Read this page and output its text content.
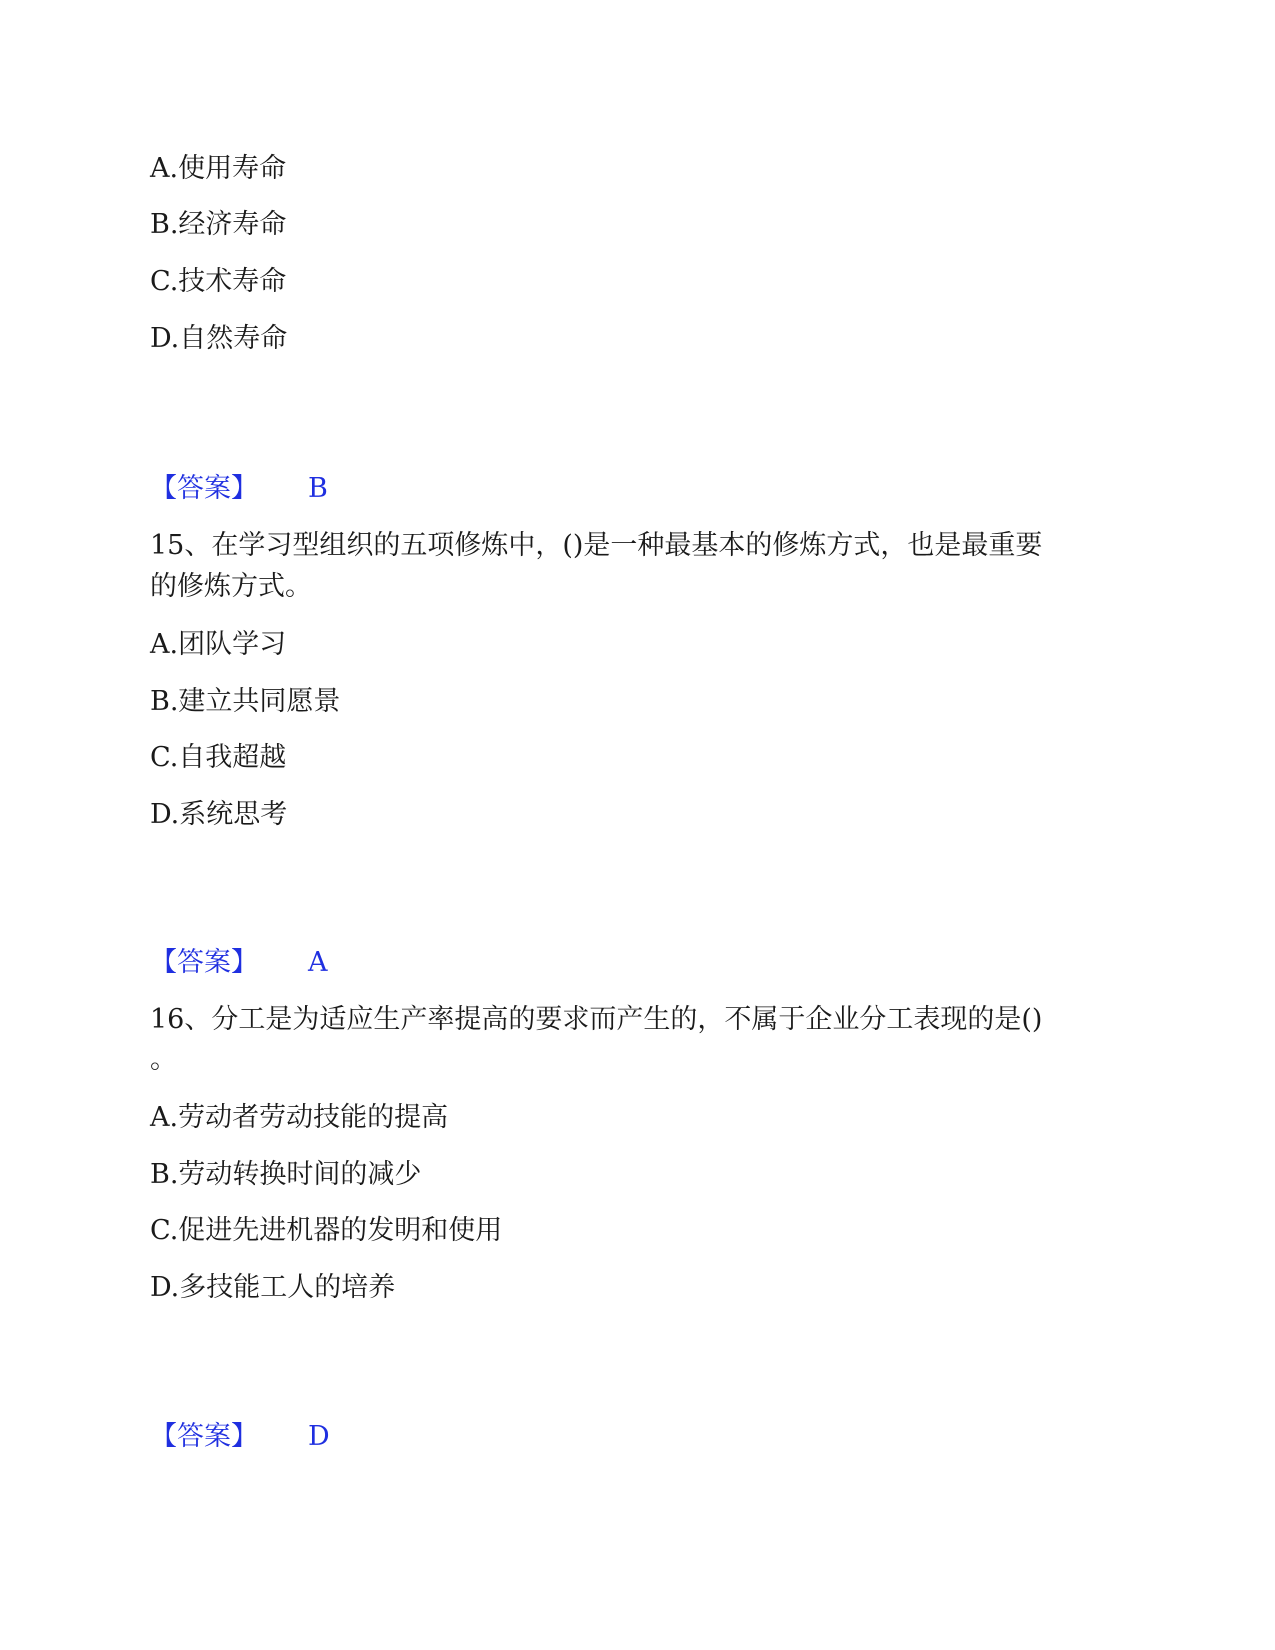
A.使用寿命
B.经济寿命
C.技术寿命
D.自然寿命
【答案】 B
15、在学习型组织的五项修炼中，()是一种最基本的修炼方式，也是最重要
的修炼方式。
A.团队学习
B.建立共同愿景
C.自我超越
D.系统思考
【答案】 A
16、分工是为适应生产率提高的要求而产生的，不属于企业分工表现的是()
。
A.劳动者劳动技能的提高
B.劳动转换时间的减少
C.促进先进机器的发明和使用
D.多技能工人的培养
【答案】 D
